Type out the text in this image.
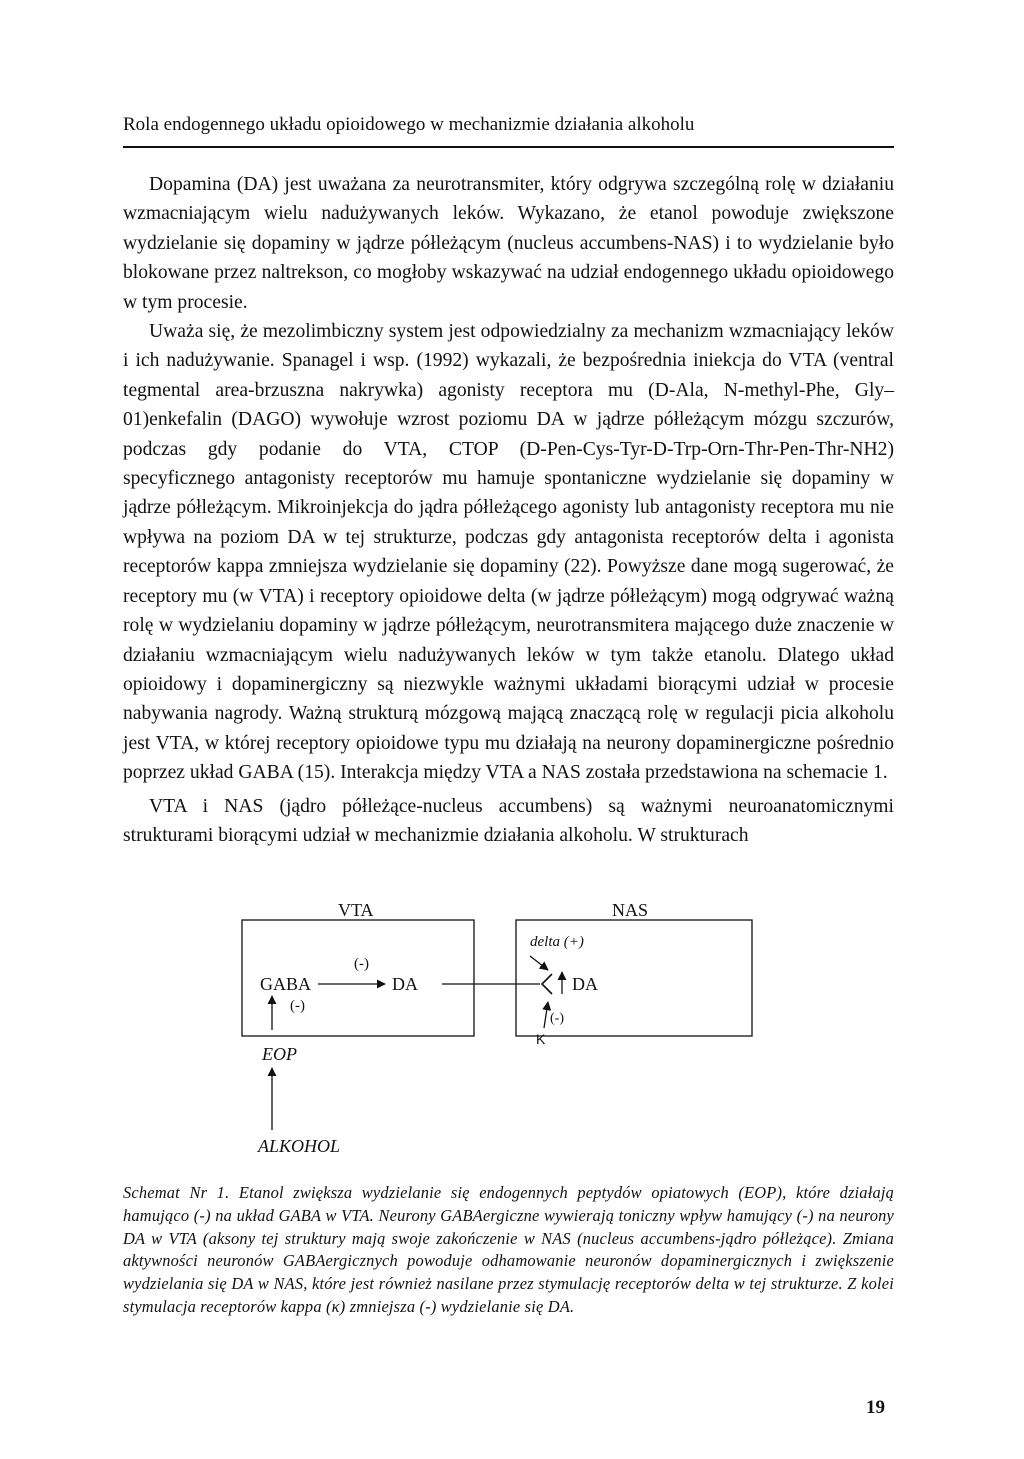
Rola endogennego układu opioidowego w mechanizmie działania alkoholu

Dopamina (DA) jest uważana za neurotransmiter, który odgrywa szczególną rolę w działaniu wzmacniającym wielu nadużywanych leków. Wykazano, że etanol powoduje zwiększone wydzielanie się dopaminy w jądrze półleżącym (nucleus accumbens-NAS) i to wydzielanie było blokowane przez naltrekson, co mogłoby wskazywać na udział endogennego układu opioidowego w tym procesie.

Uważa się, że mezolimbiczny system jest odpowiedzialny za mechanizm wzmacniający leków i ich nadużywanie. Spanagel i wsp. (1992) wykazali, że bezpośrednia iniekcja do VTA (ventral tegmental area-brzuszna nakrywka) agonisty receptora mu (D-Ala, N-methyl-Phe, Gly–01)enkefalin (DAGO) wywołuje wzrost poziomu DA w jądrze półleżącym mózgu szczurów, podczas gdy podanie do VTA, CTOP (D-Pen-Cys-Tyr-D-Trp-Orn-Thr-Pen-Thr-NH2) specyficznego antagonisty receptorów mu hamuje spontaniczne wydzielanie się dopaminy w jądrze półleżącym. Mikroinjekcja do jądra półleżącego agonisty lub antagonisty receptora mu nie wpływa na poziom DA w tej strukturze, podczas gdy antagonista receptorów delta i agonista receptorów kappa zmniejsza wydzielanie się dopaminy (22). Powyższe dane mogą sugerować, że receptory mu (w VTA) i receptory opioidowe delta (w jądrze półleżącym) mogą odgrywać ważną rolę w wydzielaniu dopaminy w jądrze półleżącym, neurotransmitera mającego duże znaczenie w działaniu wzmacniającym wielu nadużywanych leków w tym także etanolu. Dlatego układ opioidowy i dopaminergiczny są niezwykle ważnymi układami biorącymi udział w procesie nabywania nagrody. Ważną strukturą mózgową mającą znaczącą rolę w regulacji picia alkoholu jest VTA, w której receptory opioidowe typu mu działają na neurony dopaminergiczne pośrednio poprzez układ GABA (15). Interakcja między VTA a NAS została przedstawiona na schemacie 1.

VTA i NAS (jądro półleżące-nucleus accumbens) są ważnymi neuroanatomicznymi strukturami biorącymi udział w mechanizmie działania alkoholu. W strukturach

VTA	NAS
(-)
GABA	DA
(-)
EOP
delta (+)
DA
(-)
K
ALKOHOL
Schemat Nr 1. Etanol zwiększa wydzielanie się endogennych peptydów opiatowych (EOP), które działają hamująco (-) na układ GABA w VTA. Neurony GABAergiczne wywierają toniczny wpływ hamujący (-) na neurony DA w VTA (aksony tej struktury mają swoje zakończenie w NAS (nucleus accumbens-jądro półleżące). Zmiana aktywności neuronów GABAergicznych powoduje odhamowanie neuronów dopaminergicznych i zwiększenie wydzielania się DA w NAS, które jest również nasilane przez stymulację receptorów delta w tej strukturze. Z kolei stymulacja receptorów kappa (κ) zmniejsza (-) wydzielanie się DA.
19
